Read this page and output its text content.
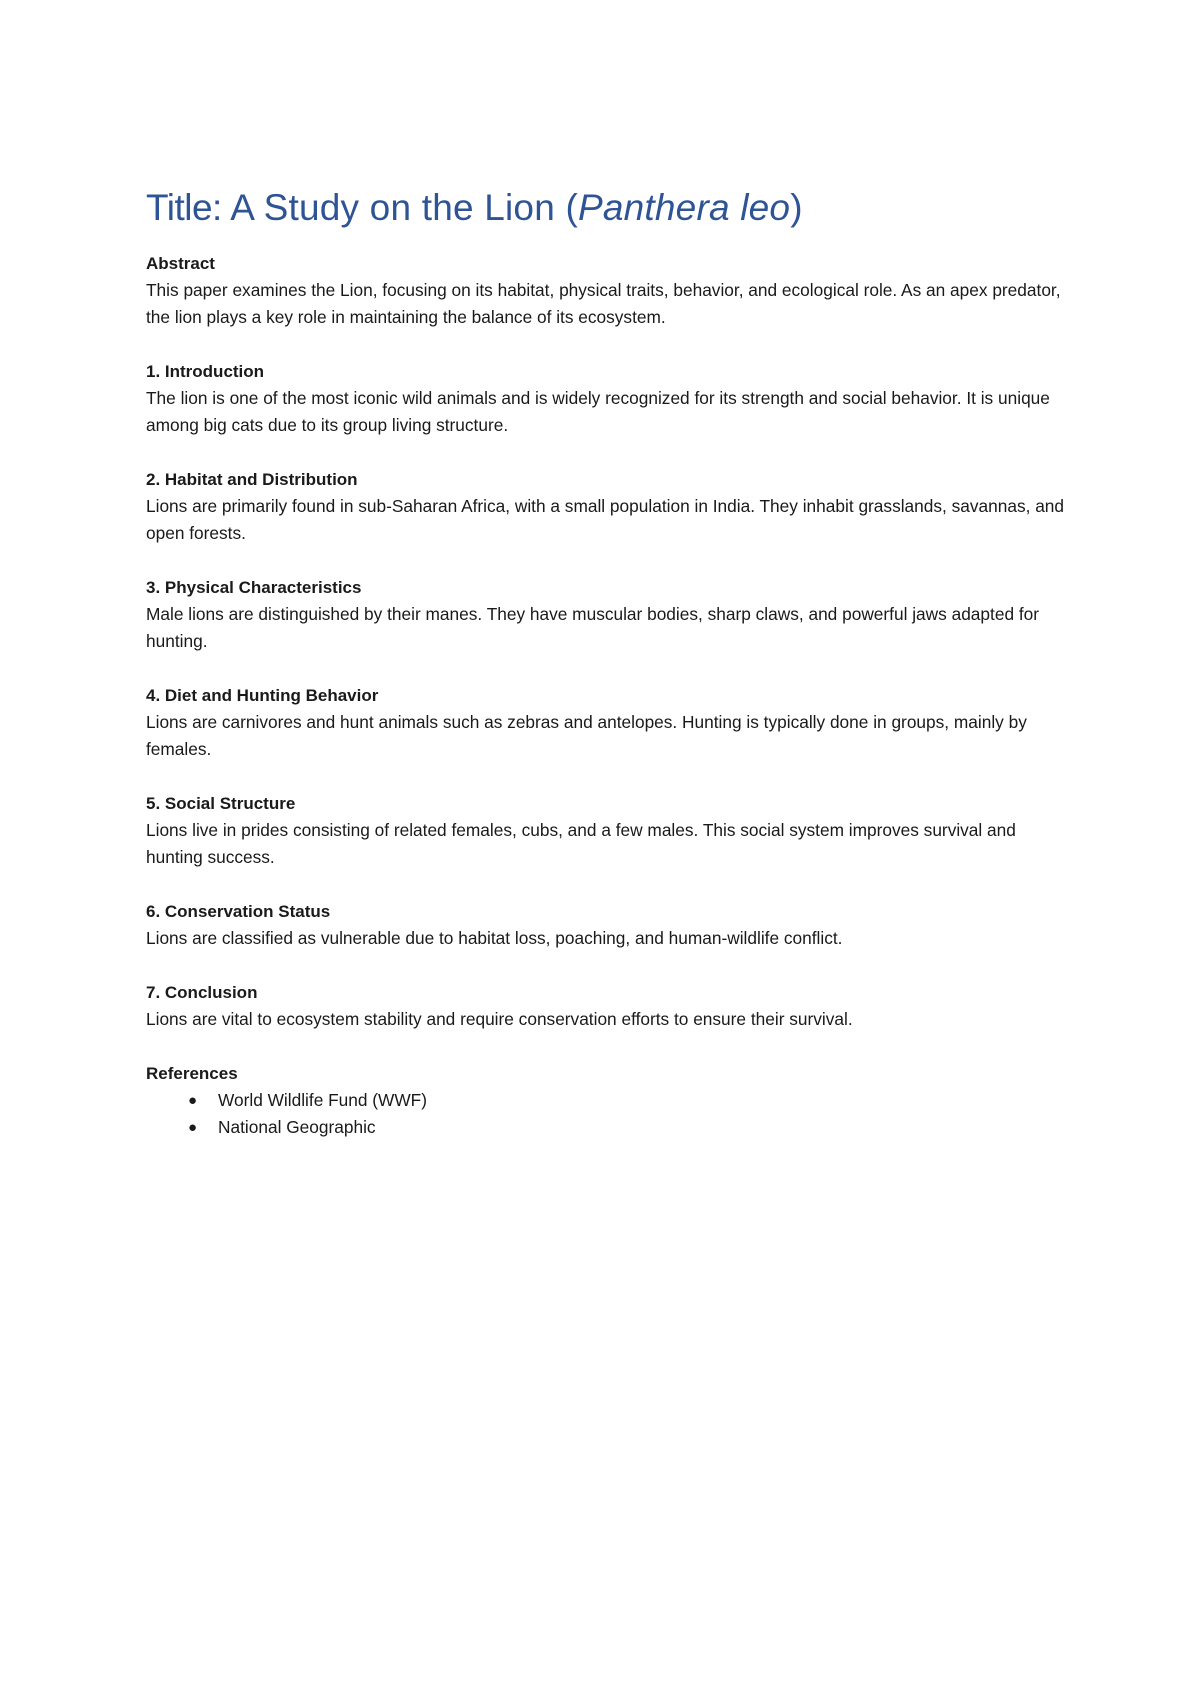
Title: A Study on the Lion (Panthera leo)

Abstract

This paper examines the Lion, focusing on its habitat, physical traits, behavior, and ecological role. As an apex predator, the lion plays a key role in maintaining the balance of its ecosystem.

1. Introduction

The lion is one of the most iconic wild animals and is widely recognized for its strength and social behavior. It is unique among big cats due to its group living structure.

2. Habitat and Distribution

Lions are primarily found in sub-Saharan Africa, with a small population in India. They inhabit grasslands, savannas, and open forests.

3. Physical Characteristics

Male lions are distinguished by their manes. They have muscular bodies, sharp claws, and powerful jaws adapted for hunting.

4. Diet and Hunting Behavior

Lions are carnivores and hunt animals such as zebras and antelopes. Hunting is typically done in groups, mainly by females.

5. Social Structure

Lions live in prides consisting of related females, cubs, and a few males. This social system improves survival and hunting success.

6. Conservation Status

Lions are classified as vulnerable due to habitat loss, poaching, and human-wildlife conflict.

7. Conclusion

Lions are vital to ecosystem stability and require conservation efforts to ensure their survival.

References

● World Wildlife Fund (WWF)
● National Geographic
